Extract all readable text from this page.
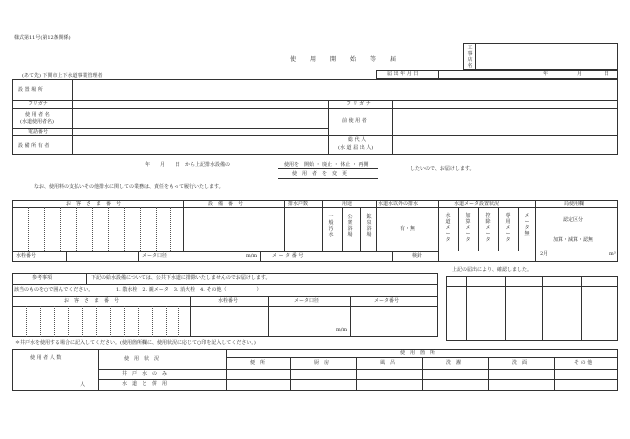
様式第11号(第12条関係)
使　用　開　始　等　届
工事店名
(あて先) 下関市上下水道事業管理者	届 出 年 月 日	年	月	日
設 置 場 所
フリガナ
使 用 者 名
(水道使用者名)
電話番号
設 備 所 有 者
フ リ ガ ナ
前 使 用 者
総 代 人
(水 道 届 出 人)
年　　月　　日　から上記排水設備の	使用を 開始 ・ 廃止 ・ 休止 ・ 再開
使　用　者　を　変　更
したいので、お届けします。
なお、使用料の支払いその他排水に関しての業務は、責任をもって履行いたします。
お　客　さ　ま　番　号	設　備　番　号	排水戸数	用途	水道水以外の排水	水道メータ設置状況	局使用欄
一般汚水
公衆浴場
鉱泉浴場
有・無
水道メータ
加算メータ
控除メータ
専用メータ
メータ無
認定区分
加算・減算・認無
2月	m³
水栓番号	メータ口径	m/m	メ ー タ 番 号	検針
参考事項	下記の給水設備については、公共下水道に排除いたしませんのでお届けします。
該当のものを○で囲んでください。	1. 散水栓　2. 親メータ　3. 消火栓　4. その他（　　　　　　）
お　客　さ　ま　番　号	水栓番号	メータ口径	メータ番号
m/m
上記の届出により、確認しました。
＊井戸水を使用する場合に記入してください。(使用箇所欄に、使用状況に応じて○印を記入してください。)
使 用 者 人 数
人
使　用　状　況
井　戸　水　の　み
水　道　と　併　用
使　用　箇　所
便　所	厨　房	風　呂	洗　濯	洗　面	そ の 他
